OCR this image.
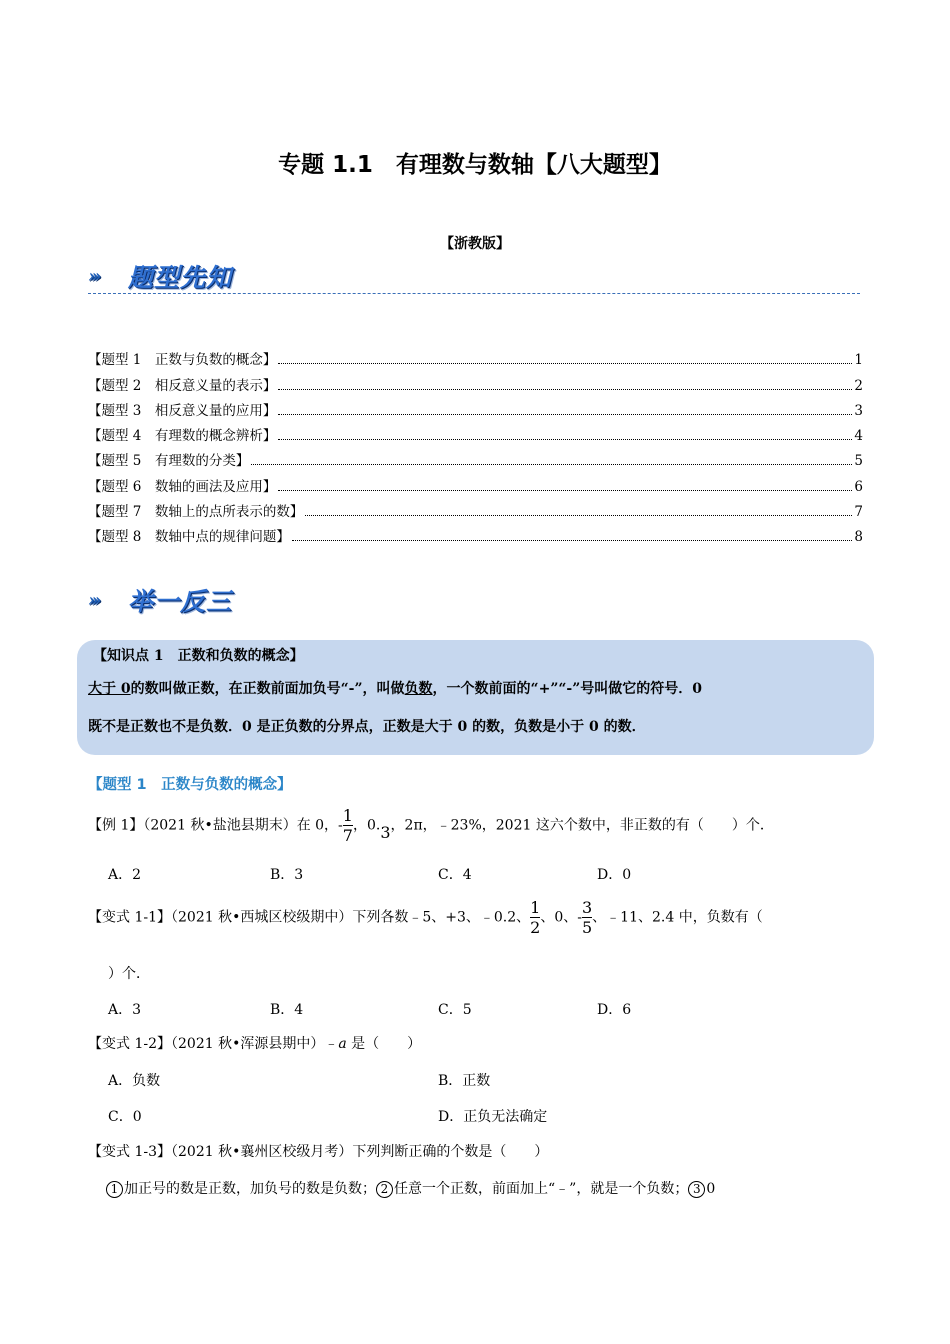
专题 1.1　有理数与数轴【八大题型】
【浙教版】
››› 题型先知
【题型 1　正数与负数的概念】	1
【题型 2　相反意义量的表示】	2
【题型 3　相反意义量的应用】	3
【题型 4　有理数的概念辨析】	4
【题型 5　有理数的分类】	5
【题型 6　数轴的画法及应用】	6
【题型 7　数轴上的点所表示的数】	7
【题型 8　数轴中点的规律问题】	8
››› 举一反三
【知识点 1　正数和负数的概念】
大于 0的数叫做正数，在正数前面加负号“-”，叫做负数，一个数前面的“+”“-”号叫做它的符号．0
既不是正数也不是负数．0 是正负数的分界点，正数是大于 0 的数，负数是小于 0 的数．
【题型 1　正数与负数的概念】
【例 1】（2021 秋•盐池县期末）在 0，$-\frac{1}{7}$ ，0.3，2π，﹣23%，2021 这六个数中，非正数的有（　　）个．
A．2	B．3	C．4	D．0
【变式 1-1】（2021 秋•西城区校级期中）下列各数﹣5、+3、﹣0.2、$\frac{1}{2}$ 、0、$-\frac{3}{5}$ 、﹣11、2.4 中，负数有（
）个．
A．3	B．4	C．5	D．6
【变式 1-2】（2021 秋•浑源县期中）﹣a 是（　　）
A．负数	B．正数
C．0	D．正负无法确定
【变式 1-3】（2021 秋•襄州区校级月考）下列判断正确的个数是（　　）
1 加正号的数是正数，加负号的数是负数； 2 任意一个正数，前面加上“﹣”，就是一个负数； 3 0
